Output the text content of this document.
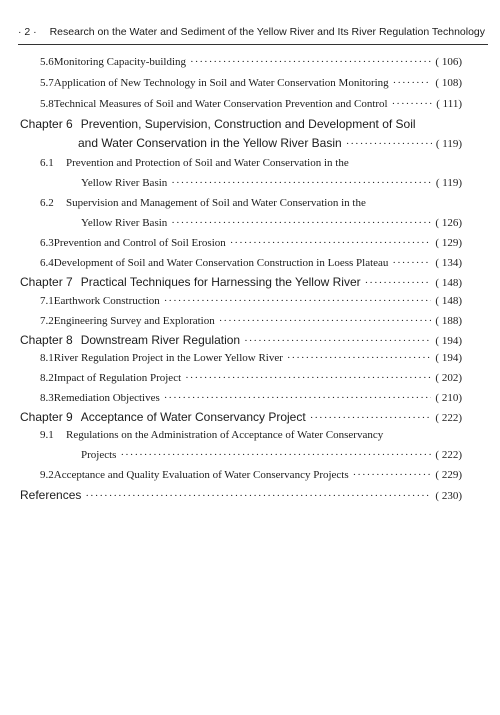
· 2 · Research on the Water and Sediment of the Yellow River and Its River Regulation Technology
5.6 Monitoring Capacity-building ·····	( 106)
5.7 Application of New Technology in Soil and Water Conservation Monitoring ·····	( 108)
5.8 Technical Measures of Soil and Water Conservation Prevention and Control ·····	( 111)
Chapter 6 Prevention, Supervision, Construction and Development of Soil
and Water Conservation in the Yellow River Basin ·····	( 119)
6.1	Prevention and Protection of Soil and Water Conservation in the
Yellow River Basin ·····	( 119)
6.2	Supervision and Management of Soil and Water Conservation in the
Yellow River Basin ·····	( 126)
6.3 Prevention and Control of Soil Erosion ·····	( 129)
6.4 Development of Soil and Water Conservation Construction in Loess Plateau ·····	( 134)
Chapter 7 Practical Techniques for Harnessing the Yellow River ·····	( 148)
7.1 Earthwork Construction ·····	( 148)
7.2 Engineering Survey and Exploration ·····	( 188)
Chapter 8 Downstream River Regulation ·····	( 194)
8.1 River Regulation Project in the Lower Yellow River ·····	( 194)
8.2 Impact of Regulation Project ·····	( 202)
8.3 Remediation Objectives ·····	( 210)
Chapter 9 Acceptance of Water Conservancy Project ·····	( 222)
9.1	Regulations on the Administration of Acceptance of Water Conservancy
Projects ·····	( 222)
9.2 Acceptance and Quality Evaluation of Water Conservancy Projects ·····	( 229)
References ·····	( 230)
